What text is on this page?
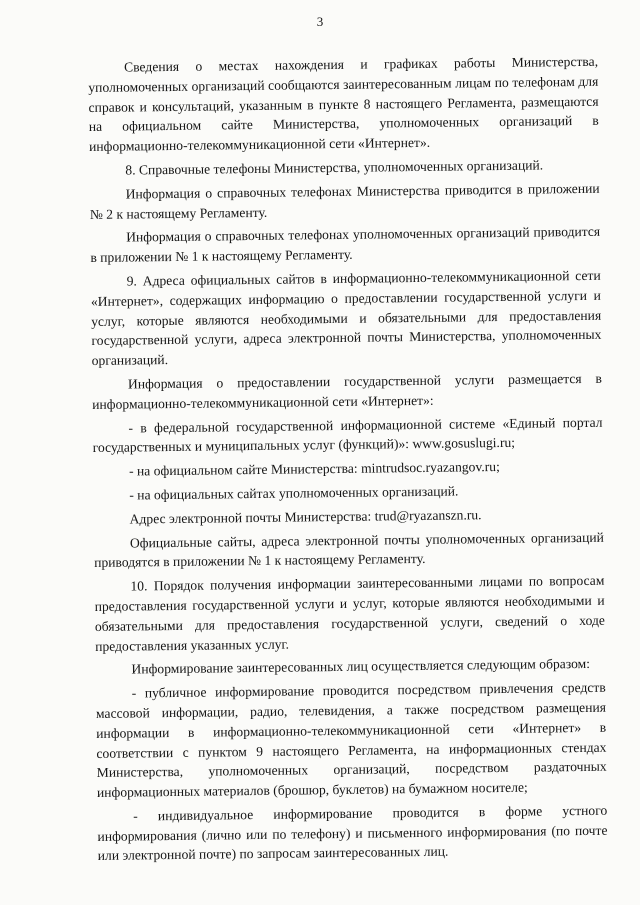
3

Сведения о местах нахождения и графиках работы Министерства, уполномоченных организаций сообщаются заинтересованным лицам по телефонам для справок и консультаций, указанным в пункте 8 настоящего Регламента, размещаются на официальном сайте Министерства, уполномоченных организаций в информационно-телекоммуникационной сети «Интернет».

8. Справочные телефоны Министерства, уполномоченных организаций.

Информация о справочных телефонах Министерства приводится в приложении № 2 к настоящему Регламенту.

Информация о справочных телефонах уполномоченных организаций приводится в приложении № 1 к настоящему Регламенту.

9. Адреса официальных сайтов в информационно-телекоммуникационной сети «Интернет», содержащих информацию о предоставлении государственной услуги и услуг, которые являются необходимыми и обязательными для предоставления государственной услуги, адреса электронной почты Министерства, уполномоченных организаций.

Информация о предоставлении государственной услуги размещается в информационно-телекоммуникационной сети «Интернет»:

- в федеральной государственной информационной системе «Единый портал государственных и муниципальных услуг (функций)»: www.gosuslugi.ru;

- на официальном сайте Министерства: mintrudsoc.ryazangov.ru;

- на официальных сайтах уполномоченных организаций.

Адрес электронной почты Министерства: trud@ryazanszn.ru.

Официальные сайты, адреса электронной почты уполномоченных организаций приводятся в приложении № 1 к настоящему Регламенту.

10. Порядок получения информации заинтересованными лицами по вопросам предоставления государственной услуги и услуг, которые являются необходимыми и обязательными для предоставления государственной услуги, сведений о ходе предоставления указанных услуг.

Информирование заинтересованных лиц осуществляется следующим образом:

- публичное информирование проводится посредством привлечения средств массовой информации, радио, телевидения, а также посредством размещения информации в информационно-телекоммуникационной сети «Интернет» в соответствии с пунктом 9 настоящего Регламента, на информационных стендах Министерства, уполномоченных организаций, посредством раздаточных информационных материалов (брошюр, буклетов) на бумажном носителе;

- индивидуальное информирование проводится в форме устного информирования (лично или по телефону) и письменного информирования (по почте или электронной почте) по запросам заинтересованных лиц.
